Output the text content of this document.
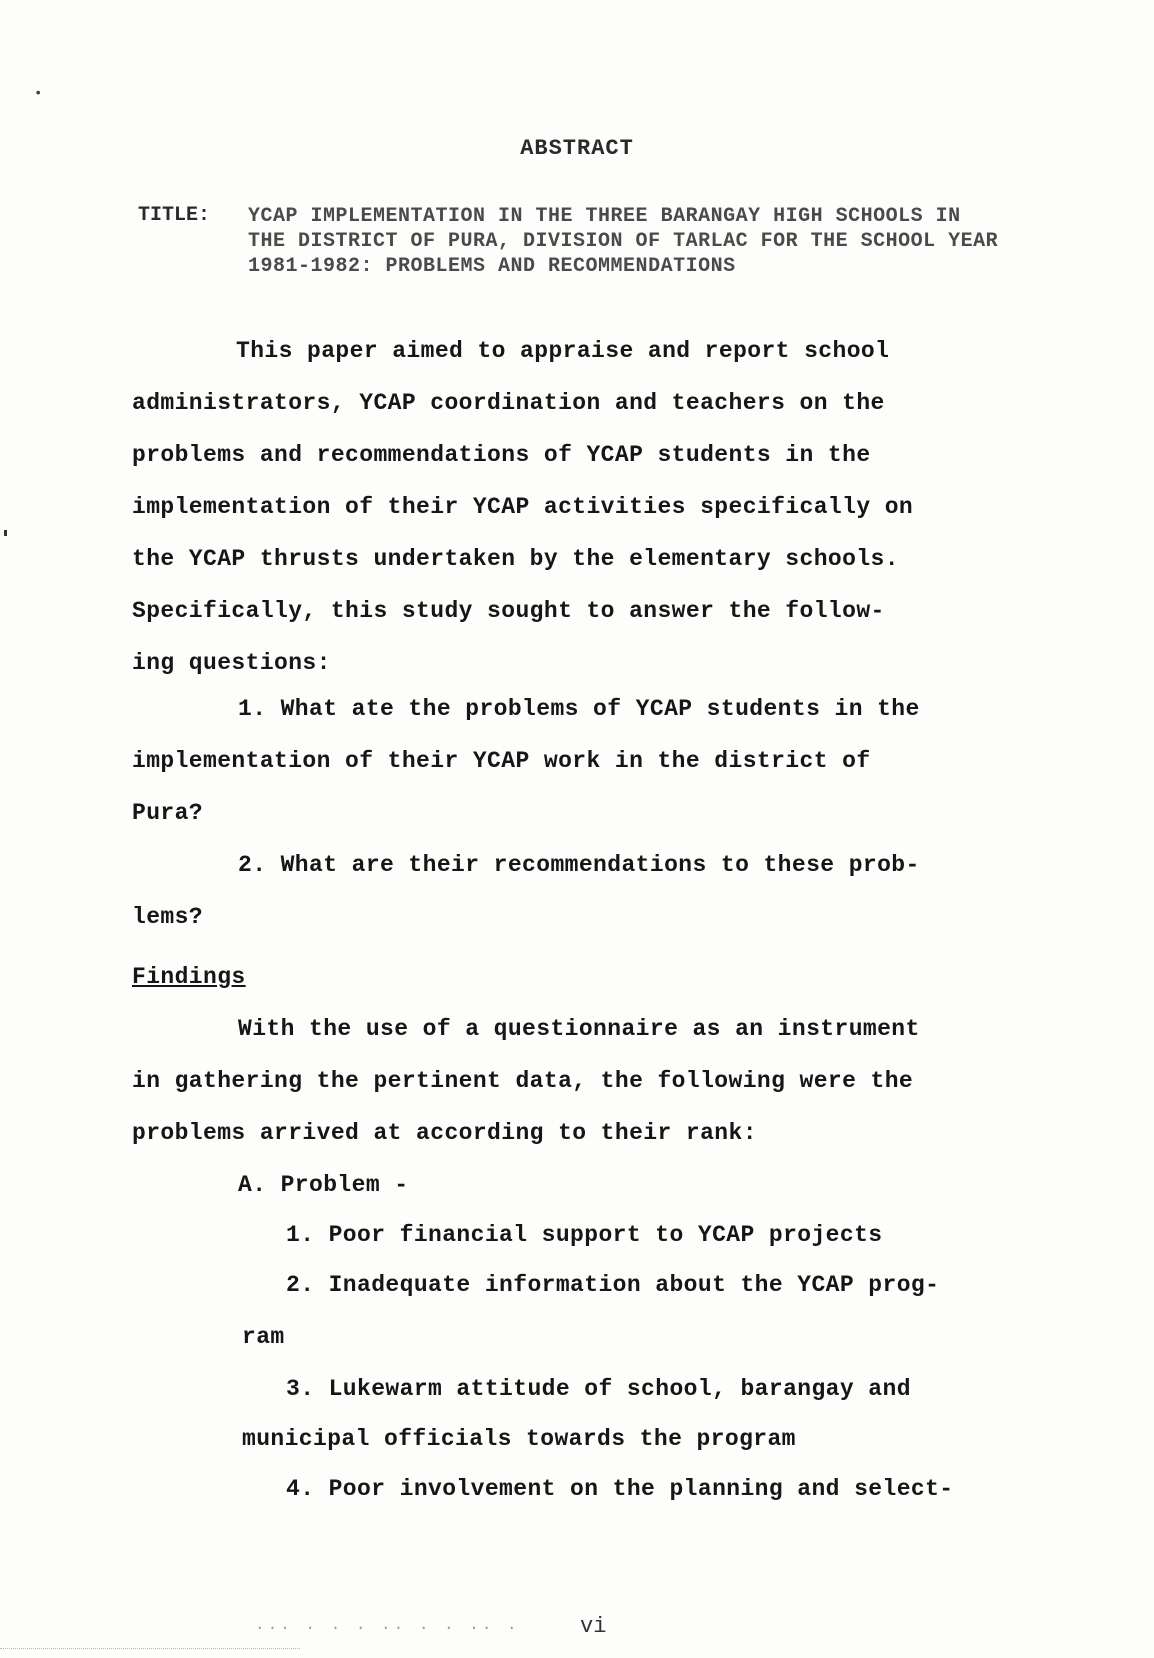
•
ABSTRACT
TITLE: YCAP IMPLEMENTATION IN THE THREE BARANGAY HIGH SCHOOLS IN THE DISTRICT OF PURA, DIVISION OF TARLAC FOR THE SCHOOL YEAR 1981-1982: PROBLEMS AND RECOMMENDATIONS
This paper aimed to appraise and report school
administrators, YCAP coordination and teachers on the
problems and recommendations of YCAP students in the
implementation of their YCAP activities specifically on
the YCAP thrusts undertaken by the elementary schools.
Specifically, this study sought to answer the follow-
ing questions:
1. What ate the problems of YCAP students in the
implementation of their YCAP work in the district of
Pura?
2. What are their recommendations to these prob-
lems?
Findings
With the use of a questionnaire as an instrument
in gathering the pertinent data, the following were the
problems arrived at according to their rank:
A. Problem -
1. Poor financial support to YCAP projects
2. Inadequate information about the YCAP prog-
ram
3. Lukewarm attitude of school, barangay and
municipal officials towards the program
4. Poor involvement on the planning and select-
... . . . .. . . .. .	vi
